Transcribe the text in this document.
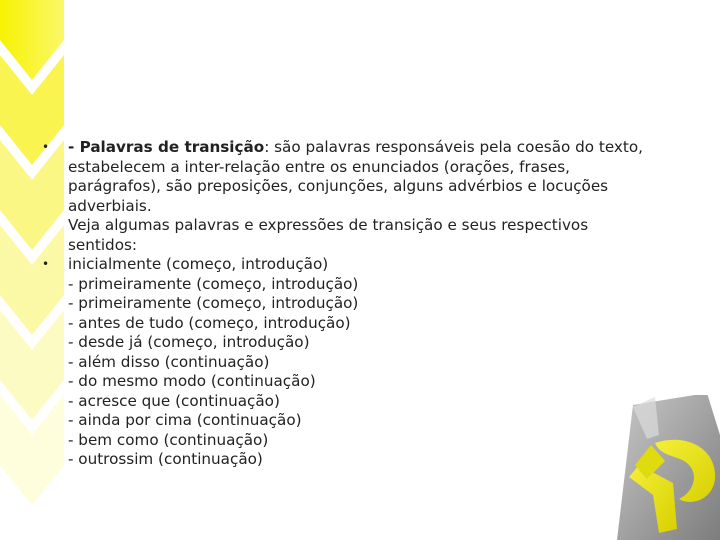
• - Palavras de transição: são palavras responsáveis pela coesão do texto,
estabelecem a inter-relação entre os enunciados (orações, frases,
parágrafos), são preposições, conjunções, alguns advérbios e locuções
adverbiais.
Veja algumas palavras e expressões de transição e seus respectivos
sentidos:
• inicialmente (começo, introdução)
- primeiramente (começo, introdução)
- primeiramente (começo, introdução)
- antes de tudo (começo, introdução)
- desde já (começo, introdução)
- além disso (continuação)
- do mesmo modo (continuação)
- acresce que (continuação)
- ainda por cima (continuação)
- bem como (continuação)
- outrossim (continuação)
